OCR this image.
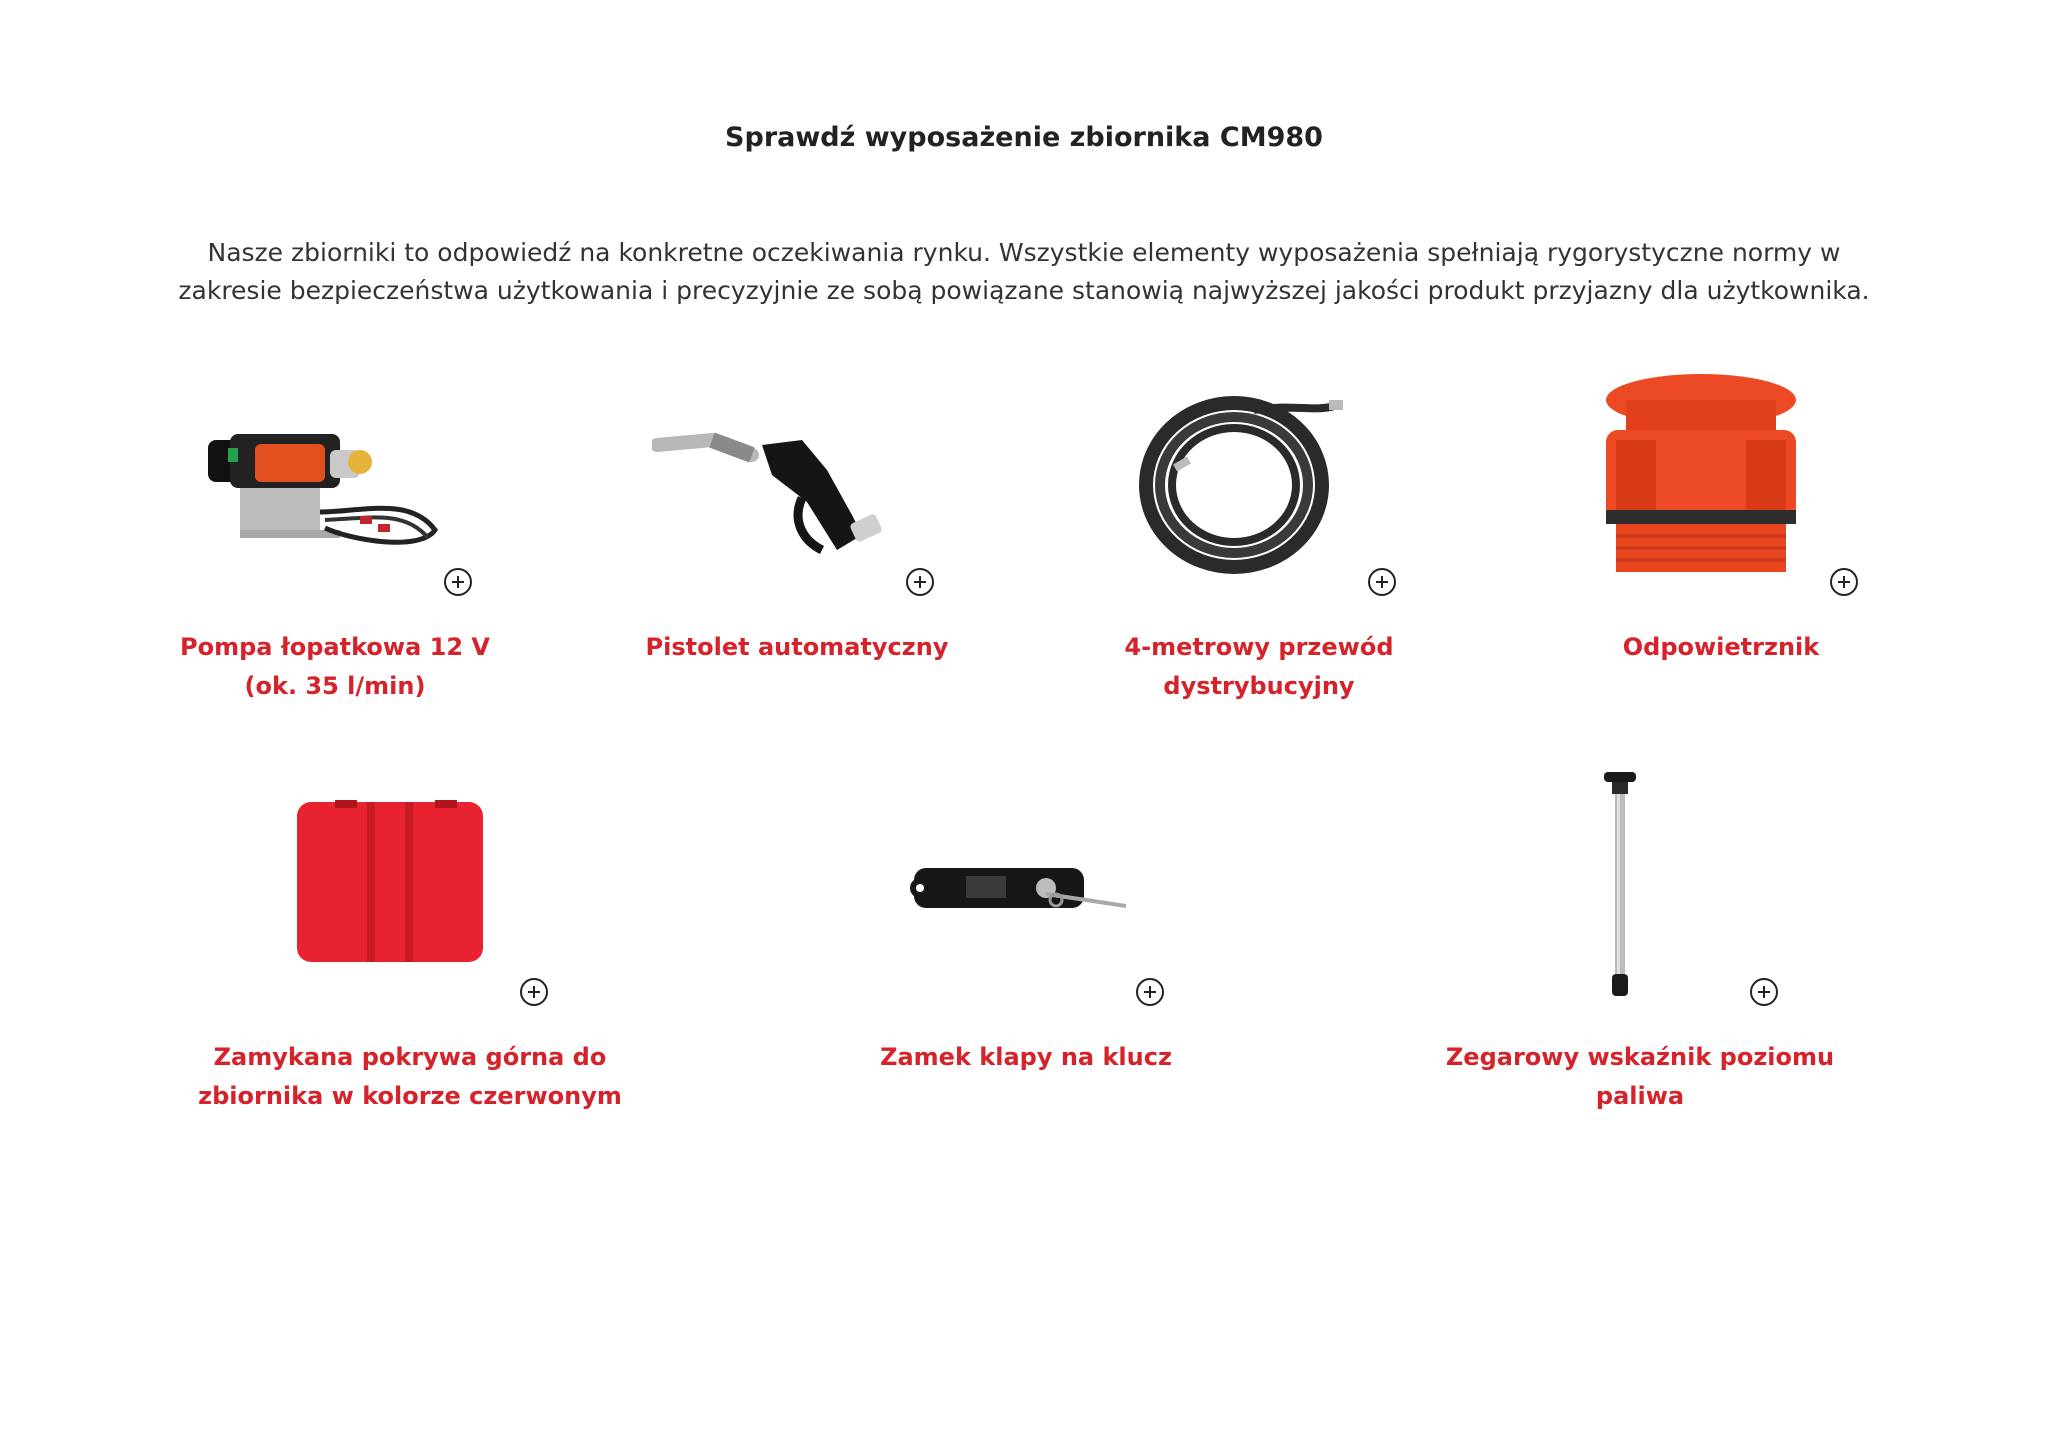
Sprawdź wyposażenie zbiornika CM980
Nasze zbiorniki to odpowiedź na konkretne oczekiwania rynku. Wszystkie elementy wyposażenia spełniają rygorystyczne normy w zakresie bezpieczeństwa użytkowania i precyzyjnie ze sobą powiązane stanowią najwyższej jakości produkt przyjazny dla użytkownika.
Pompa łopatkowa 12 V (ok. 35 l/min)
Pistolet automatyczny	4-metrowy przewód dystrybucyjny
Odpowietrznik
Zamykana pokrywa górna do zbiornika w kolorze czerwonym
Zamek klapy na klucz	Zegarowy wskaźnik poziomu paliwa
